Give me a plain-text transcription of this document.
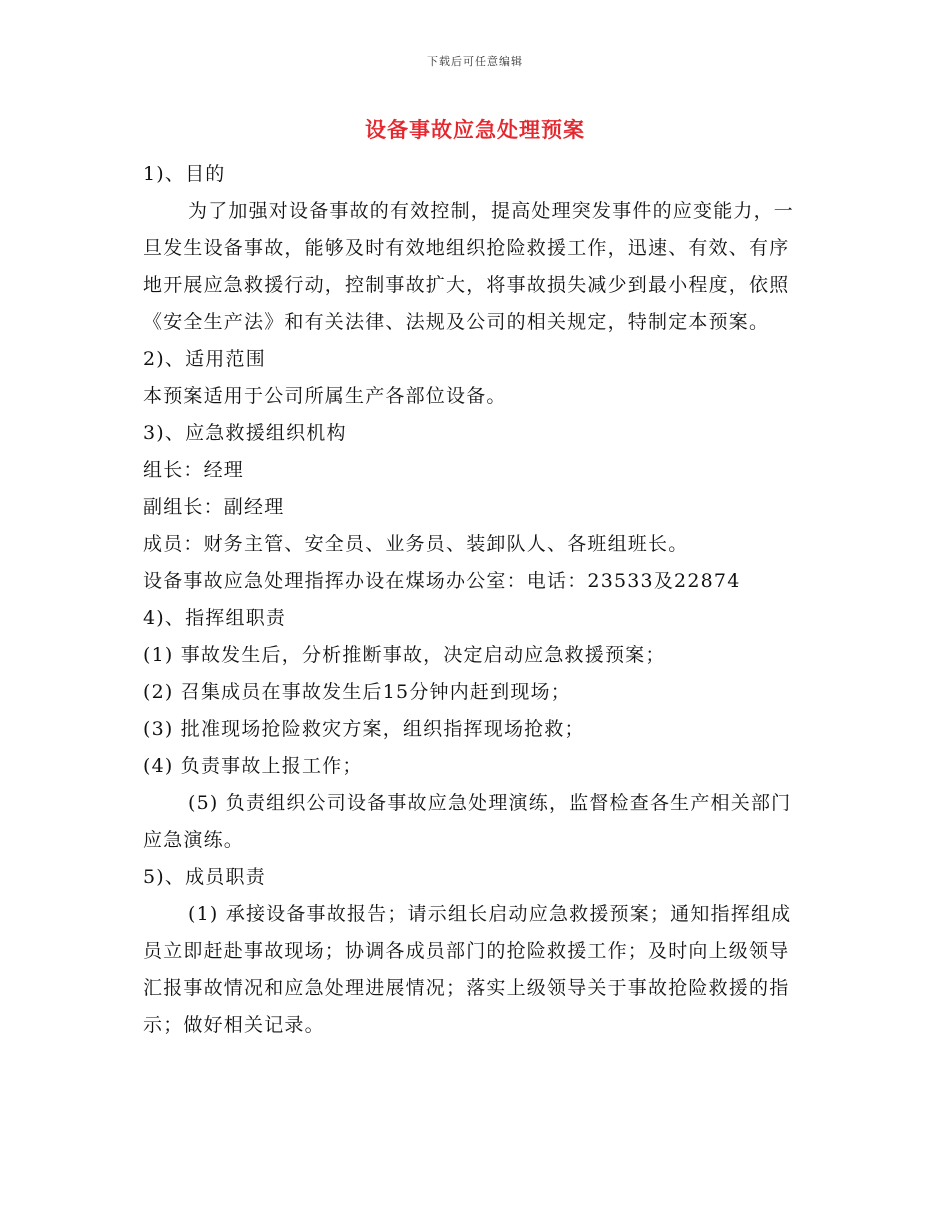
下载后可任意编辑
设备事故应急处理预案

1)、目的

为了加强对设备事故的有效控制，提高处理突发事件的应变能力，一旦发生设备事故，能够及时有效地组织抢险救援工作，迅速、有效、有序地开展应急救援行动，控制事故扩大，将事故损失减少到最小程度，依照《安全生产法》和有关法律、法规及公司的相关规定，特制定本预案。

2)、适用范围

本预案适用于公司所属生产各部位设备。

3)、应急救援组织机构

组长：经理

副组长：副经理

成员：财务主管、安全员、业务员、装卸队人、各班组班长。

设备事故应急处理指挥办设在煤场办公室：电话：23533及22874

4)、指挥组职责

(1) 事故发生后，分析推断事故，决定启动应急救援预案；

(2) 召集成员在事故发生后15分钟内赶到现场；

(3) 批准现场抢险救灾方案，组织指挥现场抢救；

(4) 负责事故上报工作；

(5) 负责组织公司设备事故应急处理演练，监督检查各生产相关部门应急演练。

5)、成员职责

(1) 承接设备事故报告；请示组长启动应急救援预案；通知指挥组成员立即赶赴事故现场；协调各成员部门的抢险救援工作；及时向上级领导汇报事故情况和应急处理进展情况；落实上级领导关于事故抢险救援的指示；做好相关记录。
